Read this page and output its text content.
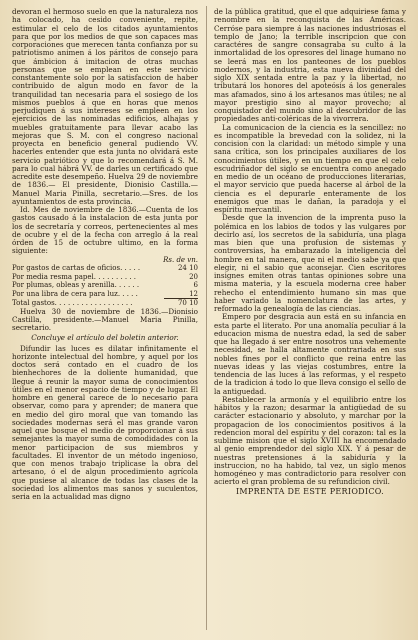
devoran el hermoso suelo en que la naturaleza nos ha colocado, ha cesido conveniente, repite, estimular el celo de los citados ayuntamientos para que por los medios de que son capaces mas corporaciones que merecen tanta confianza por su patriotismo animen á los páritos de consejo para que ámbicion á imitacion de otras muchas personas que se emplean en este servicio constantemente solo por la satisfaccion de haber contribuido de algun modo en favor de la tranquilidad tan necesaria para el sosiego de los mismos pueblos á que en horas que menos perjudiquen á sus intereses se empleen en los ejercicios de las nominadas edificios, alhajas y muebles gratuitamente para llevar acabo las mejoras que S. M. con el congreso nacional proyecta en beneficio general pudiendo VV. hacerles entender que esta junta no olvidará este servicio patriótico y que lo recomendará á S. M. para lo cual hábrá VV. de darles un certificado que acredite este desempeño. Huelva 29 de noviembre de 1836.— El presidente, Dionisio Castilla.— Manuel Maria Pinilla, secretario.—Sres. de los ayuntamientos de esta provincia.

Id. Mes de noviembre de 1836.—Cuenta de los gastos causado á la instalacion de esta junta por los de secretaría y correos, pertenecientes al mes de ocubre y el de la fecha con arreglo á la real órden de 15 de octubre ultimo, en la forma siguiente:

Rs. de vn.
Por gastos de cartas de oficios. . . . .	24 10
Por media resma papel. . . . . . . . . .	20
Por plumas, obleas y arenilla. . . . . .	6
Por una libra de cera para luz. . . . .	12
Total gastos. . . . . . . . . . . . . . . . . .	70 10

Huelva 30 de noviembre de 1836.—Dionisio Castilla, presidente.—Manuel Maria Pinilla, secretario.

Concluye el artículo del boletin anterior.

Difundir las luces es dilatar infinitamente el horizonte intelectual del hombre, y aquel por los doctos será contado en el cuadro de los bienhechores de la doliente humanidad, que llegue á reunir la mayor suma de conocimientos útiles en el menor espacio de tiempo y de lugar. El hombre en general carece de lo necesario para observar, como para y aprender; de manera que en medio del giro moral que van tomando las sociedades modernas será el mas grande varon aquel que bosque el medio de proporcionar á sus semejantes la mayor suma de comodidades con la menor participacion de sus miembros y facultades. El inventor de un método ingenioso, que con menos trabajo triplicase la obra del artesano, ó el de algun procedimiento agrícola que pusiese al alcance de todas las clases de la sociedad los alimentos mas sanos y suculentos, seria en la actualidad mas digno

de la pública gratitud, que el que adquiriese fama y renombre en la reconquista de las Américas. Cerróse para siempre á las naciones industriosas el templo de Jano; la terrible inscripcion que con caractéres de sangre consagraba su culto á la inmortalidad de los opresores del linage humano no se leerá mas en los panteones de los pueblos modernos, y la industria, esta nueva divinidad del siglo XIX sentada entre la paz y la libertad, no tributará los honores del apoteósis á los generales mas afamados, sino á los artesanos mas útiles; ne al mayor prestigio sino al mayor provecho; al conquistador del mundo sino al descubridor de las propiedades anti-coléricas de la vivorrera.

La comunicacion de la ciencia es la sencillez: no es incompatible la brevedad con la solidez, ni la concision con la claridad: un método simple y una sana crítica, son los principales auxiliares de los conocimientos útiles, y en un tiempo en que el celo escudriñador del siglo se encuentra como anegado en medio de un océano de producciones literarias, el mayor servicio que pueda hacerse al árbol de la ciencia es el depurarle enteramente de los enemigos que mas le dañan, la paradoja y el espíritu mercantil.

Desde que la invencion de la imprenta puso la polémica en los labios de todos y las vulgares por decirlo así, los secretos de la sabiduría, una plaga mas bien que una profusion de sistemas y controversias, ha embarazado la inteligencia del hombre en tal manera, que ni el medio sabe ya que elegir, ni el sabio que aconsejar. Cien escritores insignes emiten otras tantas opiniones sobre una misma materia, y la escuela moderna cree haber rehecho el entendimiento humano sin mas que haber variado la nomenclatura de las artes, y reformado la genealogía de las ciencias.

Empero por desgracia aun está en su infancia en esta parte el literato. Por una anomalía peculiar á la educacion misma de nuestra edad, la sed de saber que ha llegado á ser entre nosotros una vehemente necesidad, se halla altamente contrariada en sus nobles fines por el conflicto que reina entre las nuevas ideas y las viejas costumbres, entre la tendencia de las luces á las reformas, y el respeto de la tradicion á todo lo que lleva consigo el sello de la antiguedad.

Restablecer la armonía y el equilibrio entre los hábitos y la razon; desarmar la antigüedad de su carácter estacionario y absoluto, y marchar por la propagacion de los conocimientos positivos á la redencion moral del espíritu y del corazon: tal es la sublime mision que el siglo XVIII ha encomendado al genio emprendedor del siglo XIX. Y á pesar de nuestras pretensiones á la sabiduría y la instruccion, no ha habido, tal vez, un siglo menos homogéneo y mas contradictorio para resolver con acierto el gran problema de su refundicion civil.

IMPRENTA DE ESTE PERIODICO.
